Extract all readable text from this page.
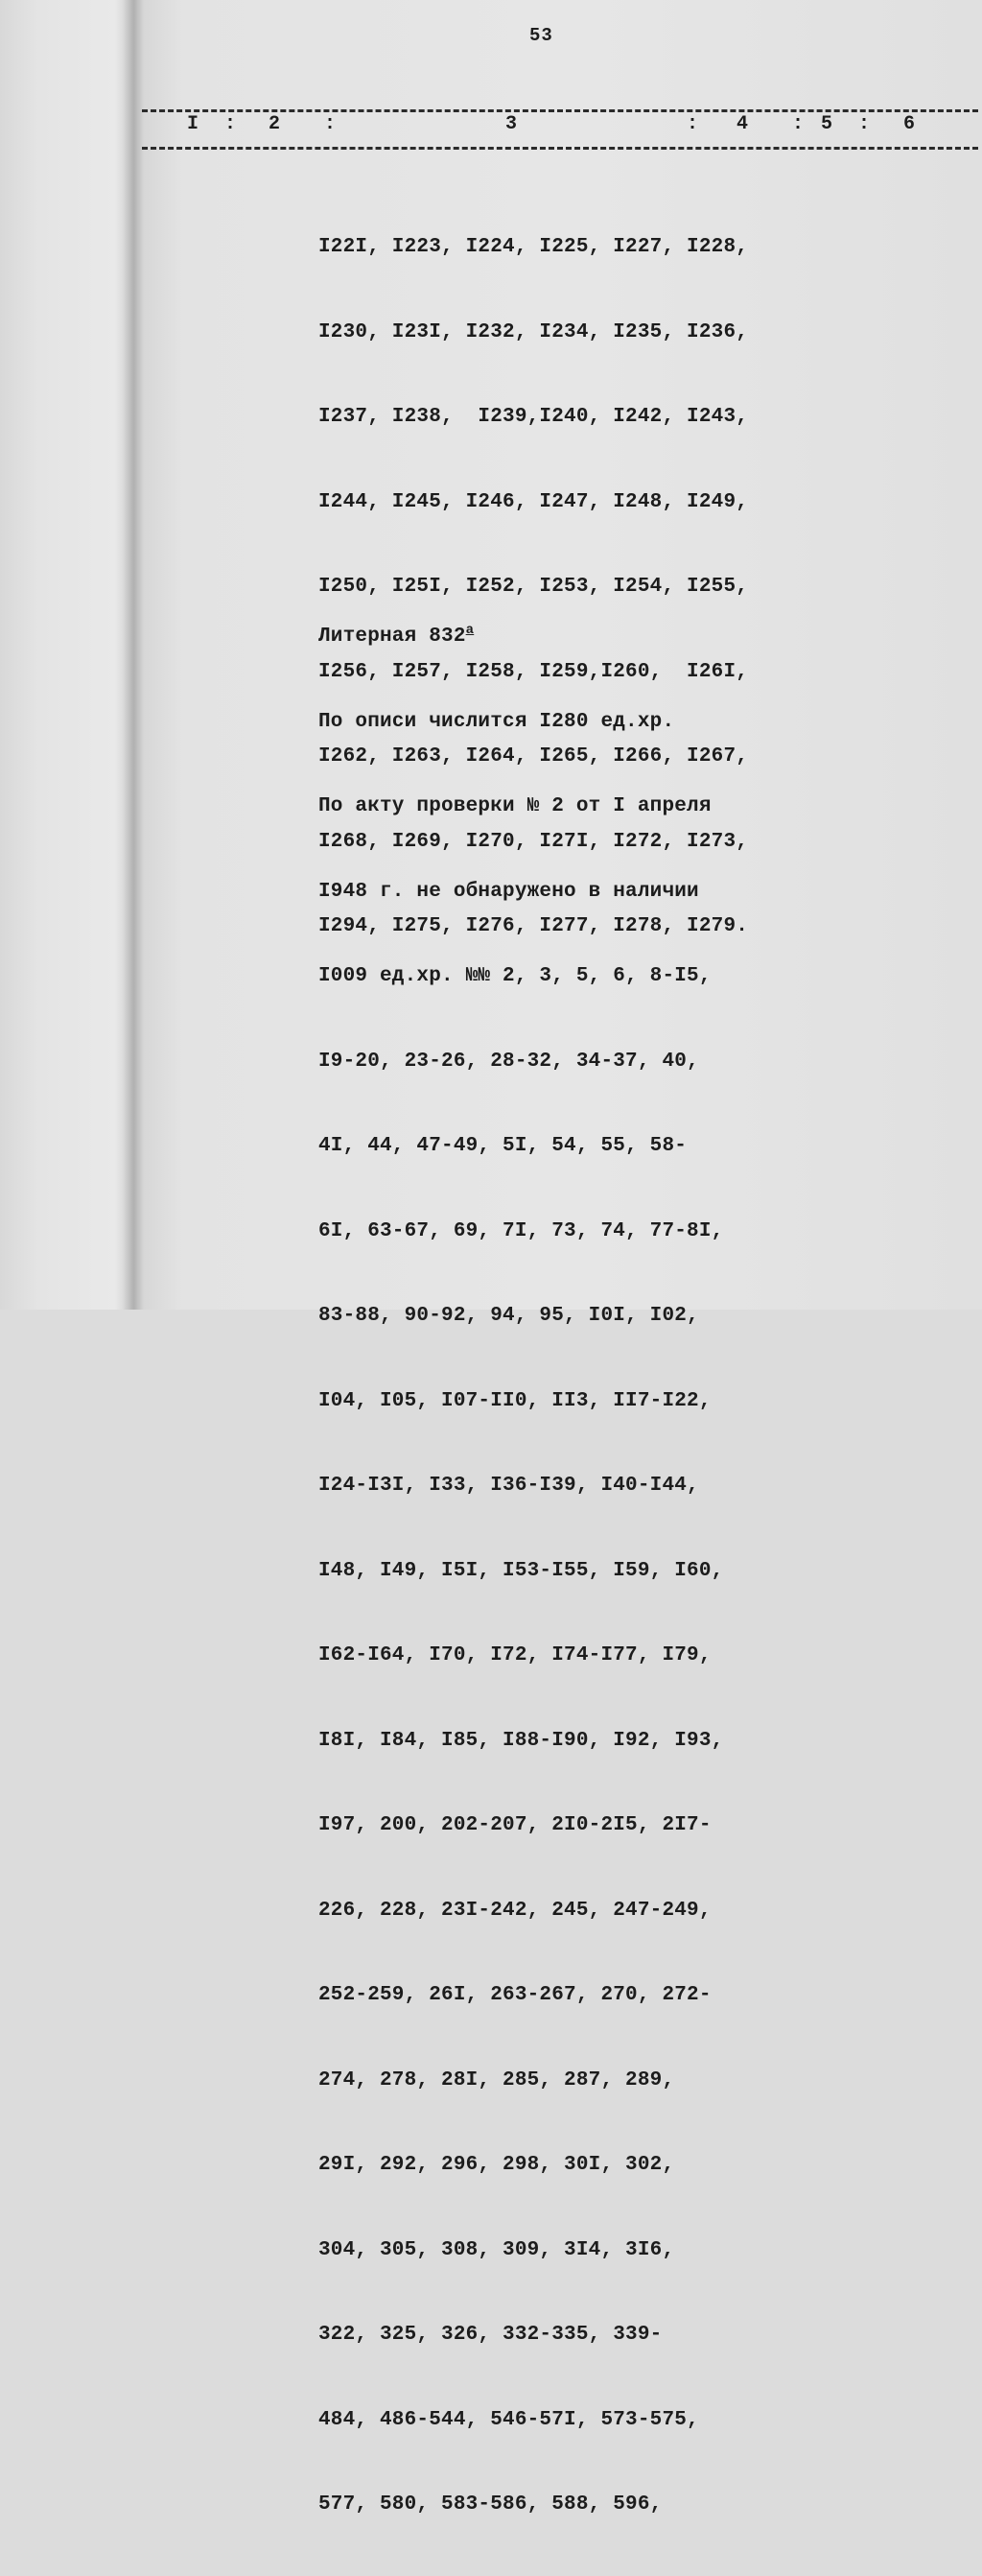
53
I : 2 :	3	: 4 : 5 : 6

I22I, I223, I224, I225, I227, I228,

I230, I23I, I232, I234, I235, I236,

I237, I238,  I239,I240, I242, I243,

I244, I245, I246, I247, I248, I249,

I250, I25I, I252, I253, I254, I255,

I256, I257, I258, I259,I260,  I26I,

I262, I263, I264, I265, I266, I267,

I268, I269, I270, I27I, I272, I273,

I294, I275, I276, I277, I278, I279.

Литерная $832^а$

По описи числится I280 ед.хр.

По акту проверки № 2 от I апреля

I948 г. не обнаружено в наличии

I009 ед.хр. №№ 2, 3, 5, 6, 8-I5,

I9-20, 23-26, 28-32, 34-37, 40,

4I, 44, 47-49, 5I, 54, 55, 58-

6I, 63-67, 69, 7I, 73, 74, 77-8I,

83-88, 90-92, 94, 95, I0I, I02,

I04, I05, I07-II0, II3, II7-I22,

I24-I3I, I33, I36-I39, I40-I44,

I48, I49, I5I, I53-I55, I59, I60,

I62-I64, I70, I72, I74-I77, I79,

I8I, I84, I85, I88-I90, I92, I93,

I97, 200, 202-207, 2I0-2I5, 2I7-

226, 228, 23I-242, 245, 247-249,

252-259, 26I, 263-267, 270, 272-

274, 278, 28I, 285, 287, 289,

29I, 292, 296, 298, 30I, 302,

304, 305, 308, 309, 3I4, 3I6,

322, 325, 326, 332-335, 339-

484, 486-544, 546-57I, 573-575,

577, 580, 583-586, 588, 596,
